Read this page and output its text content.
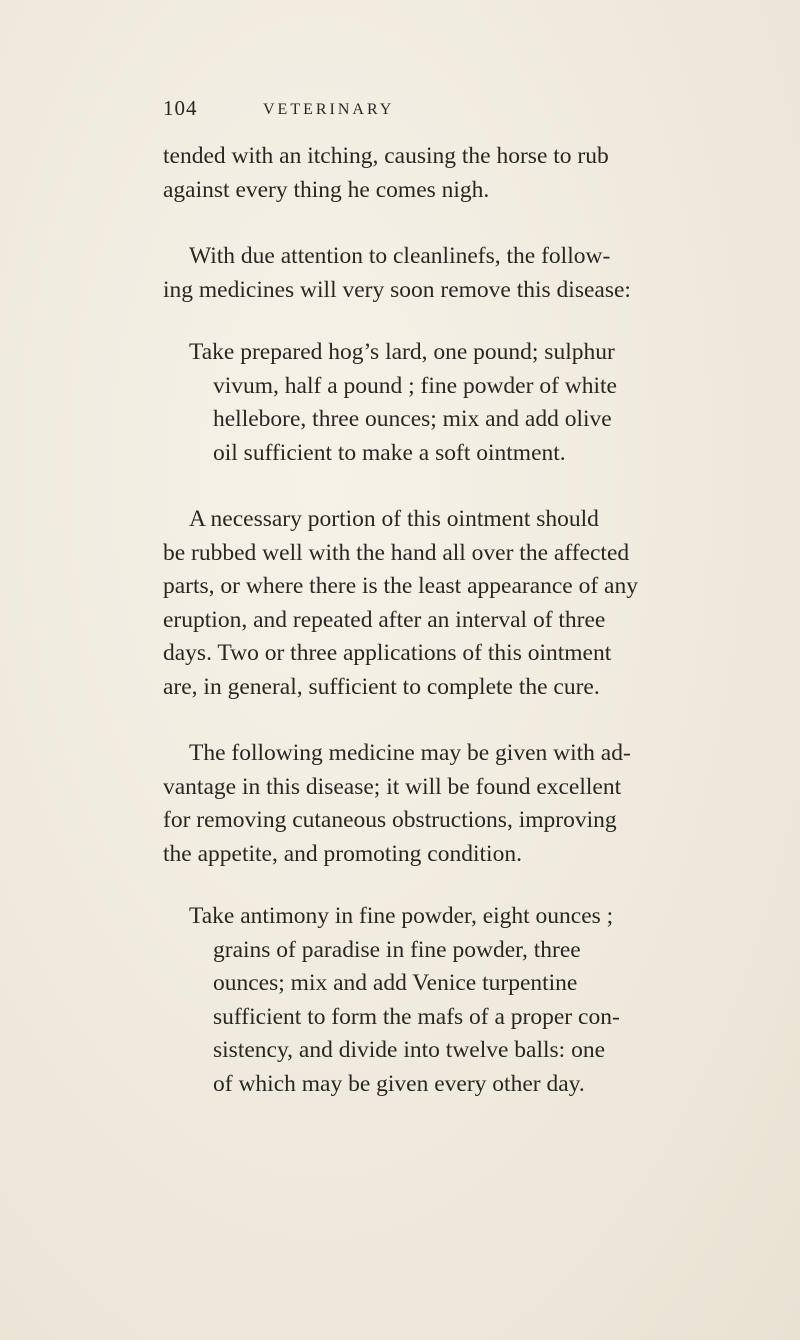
104	VETERINARY
tended with an itching, causing the horse to rub
against every thing he comes nigh.
With due attention to cleanlinefs, the follow-
ing medicines will very soon remove this disease:
Take prepared hog’s lard, one pound; sulphur
vivum, half a pound ; fine powder of white
hellebore, three ounces; mix and add olive
oil sufficient to make a soft ointment.
A necessary portion of this ointment should
be rubbed well with the hand all over the affected
parts, or where there is the least appearance of any
eruption, and repeated after an interval of three
days. Two or three applications of this ointment
are, in general, sufficient to complete the cure.
The following medicine may be given with ad-
vantage in this disease; it will be found excellent
for removing cutaneous obstructions, improving
the appetite, and promoting condition.
Take antimony in fine powder, eight ounces ;
grains of paradise in fine powder, three
ounces; mix and add Venice turpentine
sufficient to form the mafs of a proper con-
sistency, and divide into twelve balls: one
of which may be given every other day.
